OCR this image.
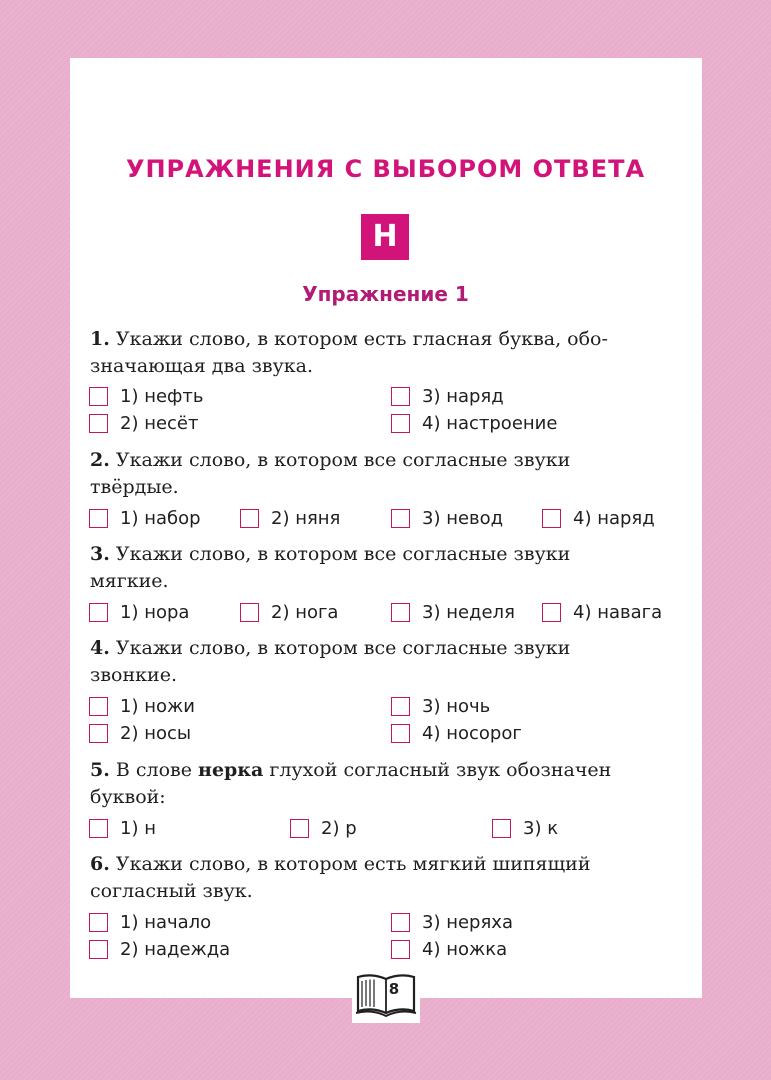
УПРАЖНЕНИЯ С ВЫБОРОМ ОТВЕТА
Н
Упражнение 1
1. Укажи слово, в котором есть гласная буква, обо-
значающая два звука.
1) нефть
2) несёт
3) наряд
4) настроение
2. Укажи слово, в котором все согласные звуки
твёрдые.
1) набор	2) няня	3) невод	4) наряд
3. Укажи слово, в котором все согласные звуки
мягкие.
1) нора	2) нога	3) неделя	4) навага
4. Укажи слово, в котором все согласные звуки
звонкие.
1) ножи
2) носы
3) ночь
4) носорог
5. В слове нерка глухой согласный звук обозначен
буквой:
1) н	2) р	3) к
6. Укажи слово, в котором есть мягкий шипящий
согласный звук.
1) начало
2) надежда
3) неряха
4) ножка
8
